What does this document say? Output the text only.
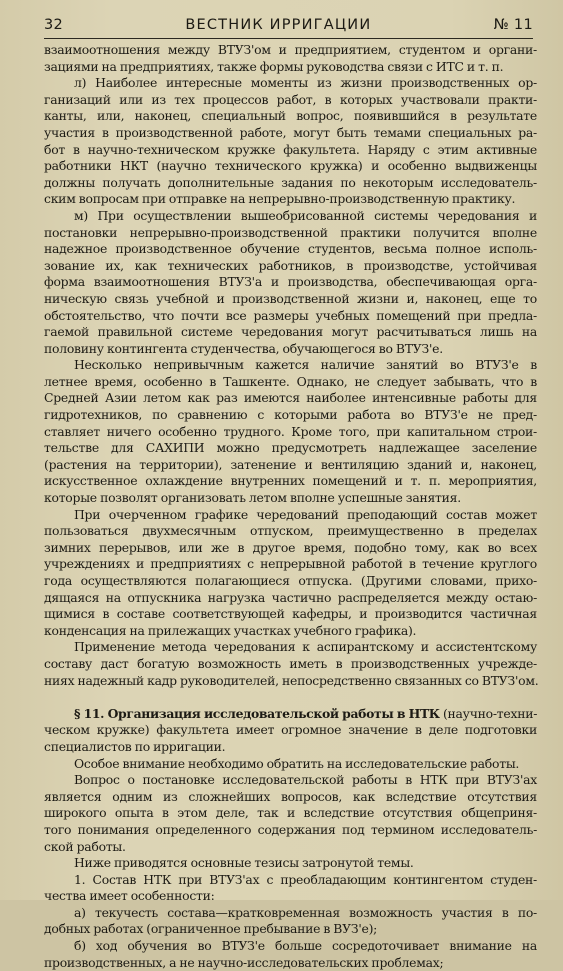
32	ВЕСТНИК ИРРИГАЦИИ	№ 11

взаимоотношения между ВТУЗ'ом и предприятием, студентом и органи-

зациями на предприятиях, также формы руководства связи с ИТС и т. п.

л) Наиболее интересные моменты из жизни производственных ор-

ганизаций или из тех процессов работ, в которых участвовали практи-

канты, или, наконец, специальный вопрос, появившийся в результате

участия в производственной работе, могут быть темами специальных ра-

бот в научно-техническом кружке факультета. Наряду с этим активные

работники НКТ (научно технического кружка) и особенно выдвиженцы

должны получать дополнительные задания по некоторым исследователь-

ским вопросам при отправке на непрерывно-производственную практику.

м) При осуществлении вышеобрисованной системы чередования и

постановки непрерывно-производственной практики получится вполне

надежное производственное обучение студентов, весьма полное исполь-

зование их, как технических работников, в производстве, устойчивая

форма взаимоотношения ВТУЗ'а и производства, обеспечивающая орга-

ническую связь учебной и производственной жизни и, наконец, еще то

обстоятельство, что почти все размеры учебных помещений при предла-

гаемой правильной системе чередования могут расчитываться лишь на

половину контингента студенчества, обучающегося во ВТУЗ'е.

Несколько непривычным кажется наличие занятий во ВТУЗ'е в

летнее время, особенно в Ташкенте. Однако, не следует забывать, что в

Средней Азии летом как раз имеются наиболее интенсивные работы для

гидротехников, по сравнению с которыми работа во ВТУЗ'е не пред-

ставляет ничего особенно трудного. Кроме того, при капитальном строи-

тельстве для САХИПИ можно предусмотреть надлежащее заселение

(растения на территории), затенение и вентиляцию зданий и, наконец,

искусственное охлаждение внутренних помещений и т. п. мероприятия,

которые позволят организовать летом вполне успешные занятия.

При очерченном графике чередований преподающий состав может

пользоваться двухмесячным отпуском, преимущественно в пределах

зимних перерывов, или же в другое время, подобно тому, как во всех

учреждениях и предприятиях с непрерывной работой в течение круглого

года осуществляются полагающиеся отпуска. (Другими словами, прихо-

дящаяся на отпускника нагрузка частично распределяется между остаю-

щимися в составе соответствующей кафедры, и производится частичная

конденсация на прилежащих участках учебного графика).

Применение метода чередования к аспирантскому и ассистентскому

составу даст богатую возможность иметь в производственных учрежде-

ниях надежный кадр руководителей, непосредственно связанных со ВТУЗ'ом.

§ 11. Организация исследовательской работы в НТК (научно-техни-

ческом кружке) факультета имеет огромное значение в деле подготовки

специалистов по ирригации.

Особое внимание необходимо обратить на исследовательские работы.

Вопрос о постановке исследовательской работы в НТК при ВТУЗ'ах

является одним из сложнейших вопросов, как вследствие отсутствия

широкого опыта в этом деле, так и вследствие отсутствия общеприня-

того понимания определенного содержания под термином исследователь-

ской работы.

Ниже приводятся основные тезисы затронутой темы.

1. Состав НТК при ВТУЗ'ах с преобладающим контингентом студен-

чества имеет особенности:

а) текучесть состава—кратковременная возможность участия в по-

добных работах (ограниченное пребывание в ВУЗ'е);

б) ход обучения во ВТУЗ'е больше сосредоточивает внимание на

производственных, а не научно-исследовательских проблемах;
